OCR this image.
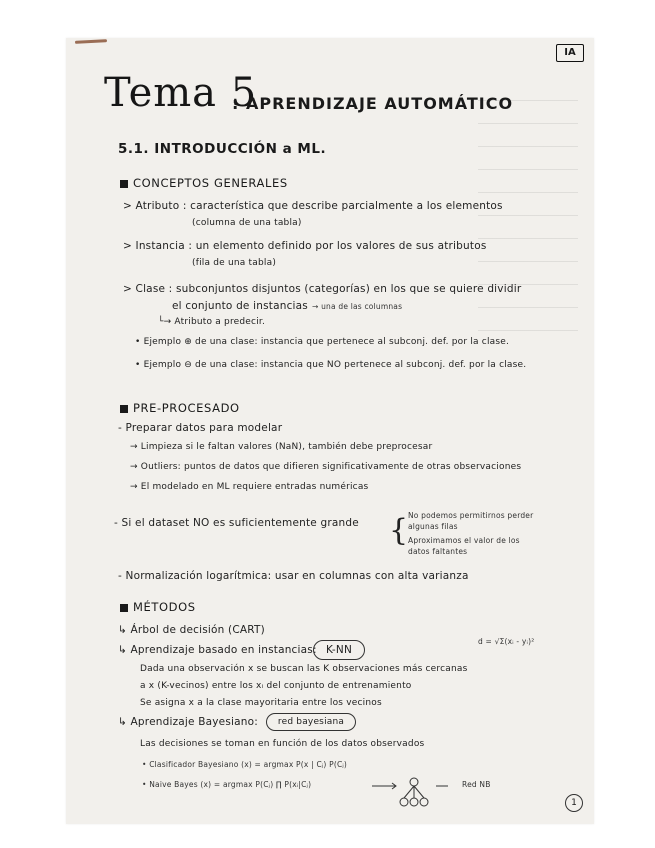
IA
Tema 5
: APRENDIZAJE AUTOMÁTICO
5.1. INTRODUCCIÓN a ML.
CONCEPTOS GENERALES
> Atributo : característica que describe parcialmente a los elementos
(columna de una tabla)
> Instancia : un elemento definido por los valores de sus atributos
(fila de una tabla)
> Clase : subconjuntos disjuntos (categorías) en los que se quiere dividir
el conjunto de instancias → una de las columnas
└→ Atributo a predecir.
• Ejemplo ⊕ de una clase: instancia que pertenece al subconj. def. por la clase.
• Ejemplo ⊖ de una clase: instancia que NO pertenece al subconj. def. por la clase.
PRE-PROCESADO
- Preparar datos para modelar
→ Limpieza si le faltan valores (NaN), también debe preprocesar
→ Outliers: puntos de datos que difieren significativamente de otras observaciones
→ El modelado en ML requiere entradas numéricas
- Si el dataset NO es suficientemente grande { No podemos permitirnos perder
algunas filas
Aproximamos el valor de los
datos faltantes
- Normalización logarítmica: usar en columnas con alta varianza
MÉTODOS
↳ Árbol de decisión (CART)
↳ Aprendizaje basado en instancias: K-NN
d = √Σ(xᵢ - yᵢ)²
Dada una observación x se buscan las K observaciones más cercanas
a x (K-vecinos) entre los xᵢ del conjunto de entrenamiento
Se asigna x a la clase mayoritaria entre los vecinos
↳ Aprendizaje Bayesiano:	red bayesiana
Las decisiones se toman en función de los datos observados
• Clasificador Bayesiano (x) = argmax P(x | Cⱼ) P(Cⱼ)
• Naive Bayes (x) = argmax P(Cⱼ) ∏ P(xᵢ|Cⱼ)	Red NB
1
